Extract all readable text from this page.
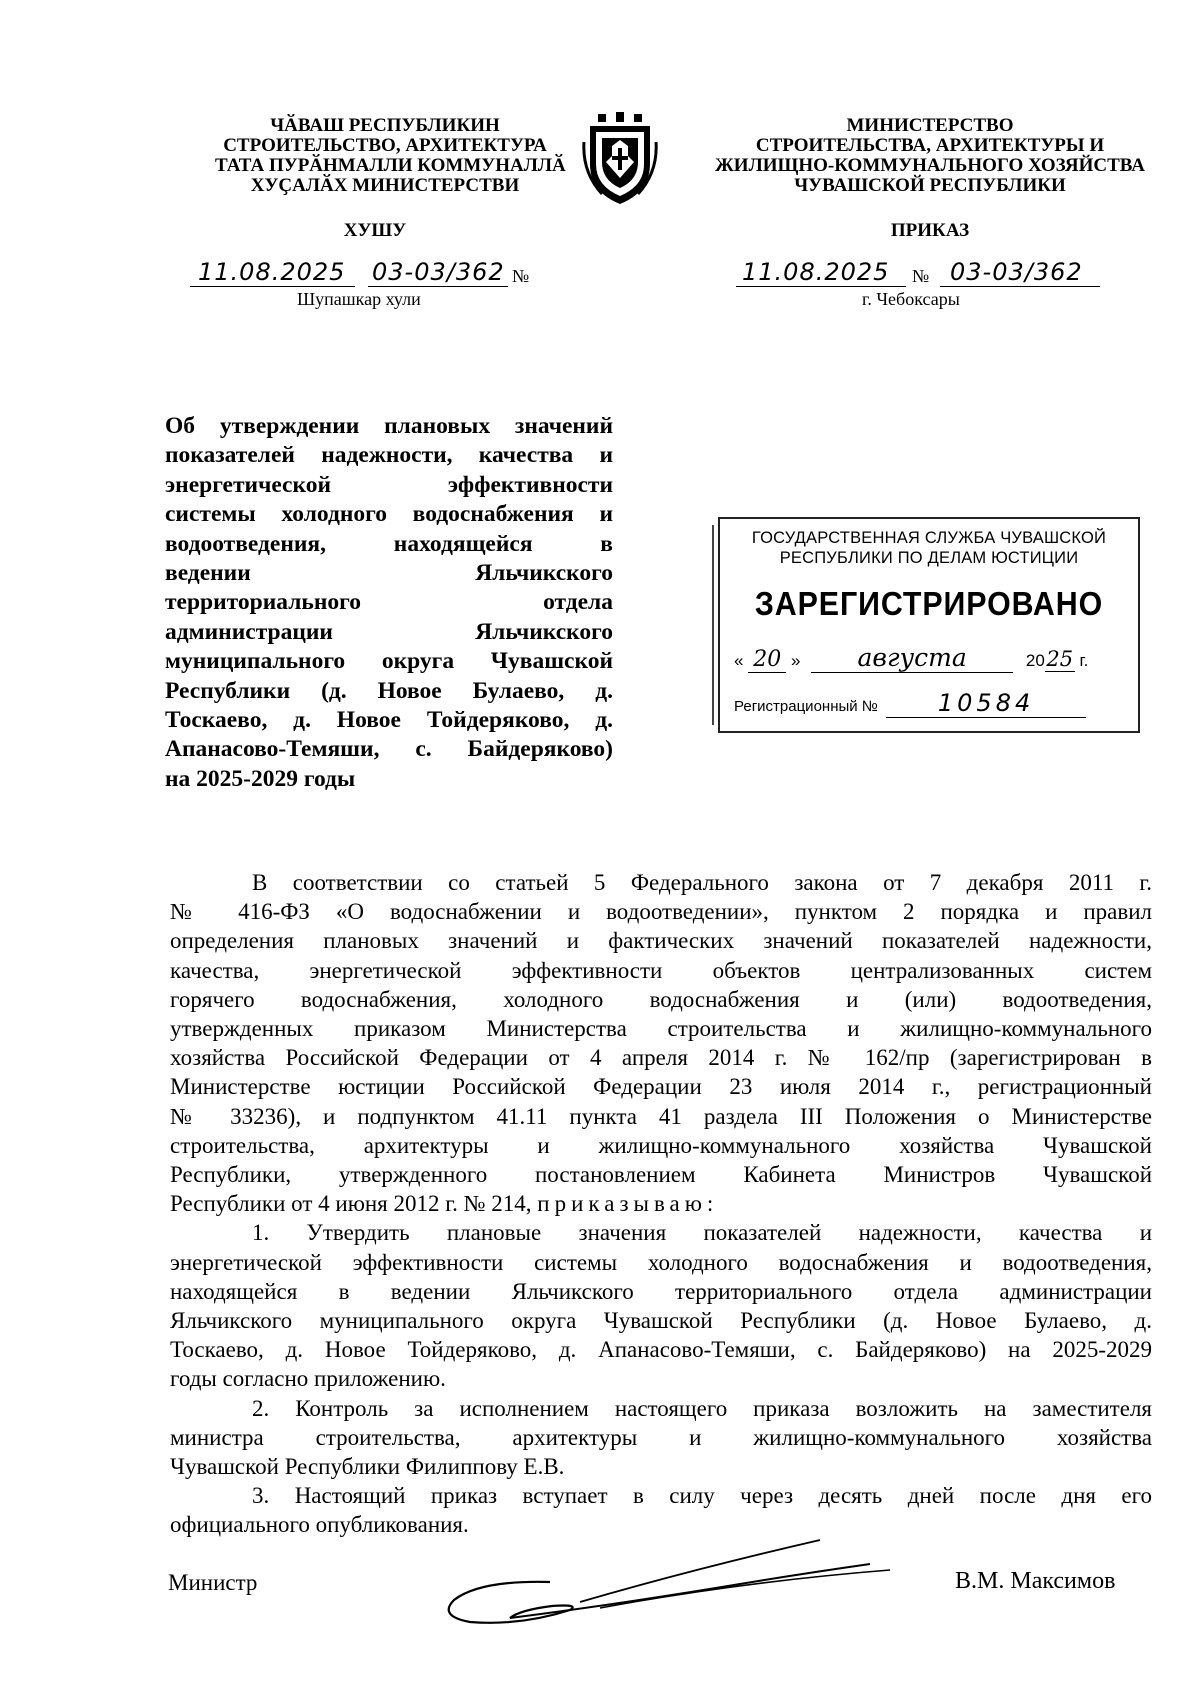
ЧӐВАШ РЕСПУБЛИКИН
СТРОИТЕЛЬСТВО, АРХИТЕКТУРА
ТАТА ПУРӐНМАЛЛИ КОММУНАЛЛӐ
ХУҪАЛӐХ МИНИСТЕРСТВИ
ХУШУ
11.08.2025 03-03/362 №
Шупашкар хули
МИНИСТЕРСТВО
СТРОИТЕЛЬСТВА, АРХИТЕКТУРЫ И
ЖИЛИЩНО-КОММУНАЛЬНОГО ХОЗЯЙСТВА
ЧУВАШСКОЙ РЕСПУБЛИКИ
ПРИКАЗ
11.08.2025 № 03-03/362
г. Чебоксары
Об утверждении плановых значений
показателей надежности, качества и
энергетической эффективности
системы холодного водоснабжения и
водоотведения, находящейся в
ведении Яльчикского
территориального отдела
администрации Яльчикского
муниципального округа Чувашской
Республики (д. Новое Булаево, д.
Тоскаево, д. Новое Тойдеряково, д.
Апанасово-Темяши, с. Байдеряково)
на 2025-2029 годы
ГОСУДАРСТВЕННАЯ СЛУЖБА ЧУВАШСКОЙ
РЕСПУБЛИКИ ПО ДЕЛАМ ЮСТИЦИИ
ЗАРЕГИСТРИРОВАНО
« 20 » августа	2025 г.
Регистрационный № 10584
В соответствии со статьей 5 Федерального закона от 7 декабря 2011 г.
№ 416-ФЗ «О водоснабжении и водоотведении», пунктом 2 порядка и правил
определения плановых значений и фактических значений показателей надежности,
качества, энергетической эффективности объектов централизованных систем
горячего водоснабжения, холодного водоснабжения и (или) водоотведения,
утвержденных приказом Министерства строительства и жилищно-коммунального
хозяйства Российской Федерации от 4 апреля 2014 г. № 162/пр (зарегистрирован в
Министерстве юстиции Российской Федерации 23 июля 2014 г., регистрационный
№ 33236), и подпунктом 41.11 пункта 41 раздела III Положения о Министерстве
строительства, архитектуры и жилищно-коммунального хозяйства Чувашской
Республики, утвержденного постановлением Кабинета Министров Чувашской
Республики от 4 июня 2012 г. № 214, приказываю:
1. Утвердить плановые значения показателей надежности, качества и
энергетической эффективности системы холодного водоснабжения и водоотведения,
находящейся в ведении Яльчикского территориального отдела администрации
Яльчикского муниципального округа Чувашской Республики (д. Новое Булаево, д.
Тоскаево, д. Новое Тойдеряково, д. Апанасово-Темяши, с. Байдеряково) на 2025-2029
годы согласно приложению.
2. Контроль за исполнением настоящего приказа возложить на заместителя
министра строительства, архитектуры и жилищно-коммунального хозяйства
Чувашской Республики Филиппову Е.В.
3. Настоящий приказ вступает в силу через десять дней после дня его
официального опубликования.
Министр	В.М. Максимов
